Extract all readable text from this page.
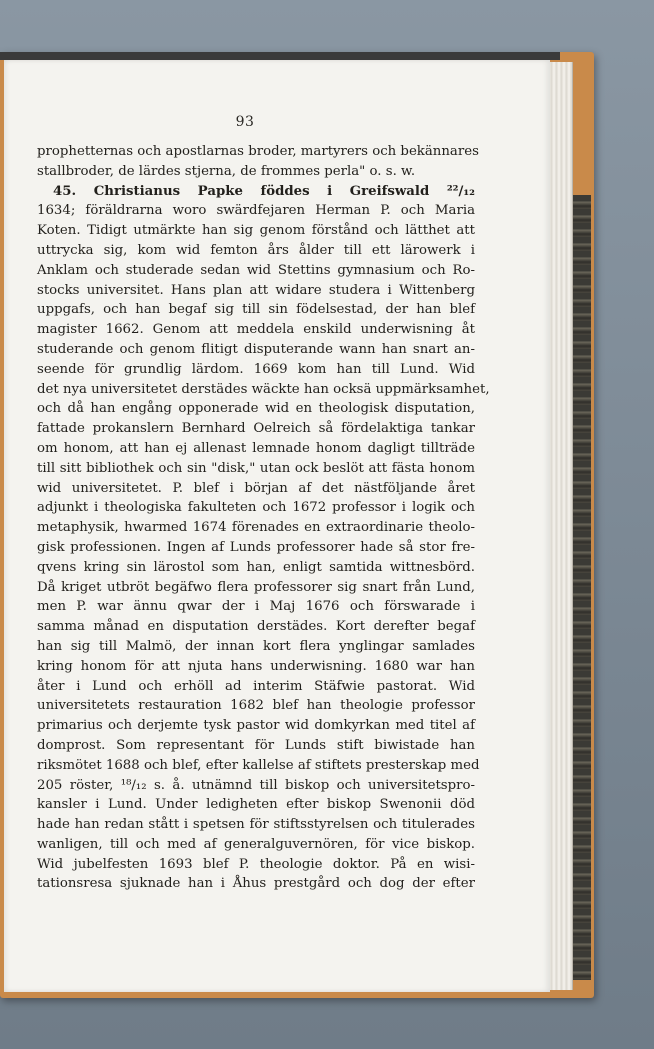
93
prophetternas och apostlarnas broder, martyrers och bekännares
stallbroder, de lärdes stjerna, de frommes perla" o. s. w.
45. Christianus Papke föddes i Greifswald ²²/₁₂
1634; föräldrarna woro swärdfejaren Herman P. och Maria
Koten. Tidigt utmärkte han sig genom förstånd och lätthet att
uttrycka sig, kom wid femton års ålder till ett lärowerk i
Anklam och studerade sedan wid Stettins gymnasium och Ro-
stocks universitet. Hans plan att widare studera i Wittenberg
uppgafs, och han begaf sig till sin födelsestad, der han blef
magister 1662. Genom att meddela enskild underwisning åt
studerande och genom flitigt disputerande wann han snart an-
seende för grundlig lärdom. 1669 kom han till Lund. Wid
det nya universitetet derstädes wäckte han ocksä uppmärksamhet,
och då han engång opponerade wid en theologisk disputation,
fattade prokanslern Bernhard Oelreich så fördelaktiga tankar
om honom, att han ej allenast lemnade honom dagligt tillträde
till sitt bibliothek och sin "disk," utan ock beslöt att fästa honom
wid universitetet. P. blef i början af det nästföljande året
adjunkt i theologiska fakulteten och 1672 professor i logik och
metaphysik, hwarmed 1674 förenades en extraordinarie theolo-
gisk professionen. Ingen af Lunds professorer hade så stor fre-
qvens kring sin lärostol som han, enligt samtida wittnesbörd.
Då kriget utbröt begäfwo flera professorer sig snart från Lund,
men P. war ännu qwar der i Maj 1676 och förswarade i
samma månad en disputation derstädes. Kort derefter begaf
han sig till Malmö, der innan kort flera ynglingar samlades
kring honom för att njuta hans underwisning. 1680 war han
åter i Lund och erhöll ad interim Stäfwie pastorat. Wid
universitetets restauration 1682 blef han theologie professor
primarius och derjemte tysk pastor wid domkyrkan med titel af
domprost. Som representant för Lunds stift biwistade han
riksmötet 1688 och blef, efter kallelse af stiftets presterskap med
205 röster, ¹⁸/₁₂ s. å. utnämnd till biskop och universitetspro-
kansler i Lund. Under ledigheten efter biskop Swenonii död
hade han redan stått i spetsen för stiftsstyrelsen och titulerades
wanligen, till och med af generalguvernören, för vice biskop.
Wid jubelfesten 1693 blef P. theologie doktor. På en wisi-
tationsresa sjuknade han i Åhus prestgård och dog der efter
